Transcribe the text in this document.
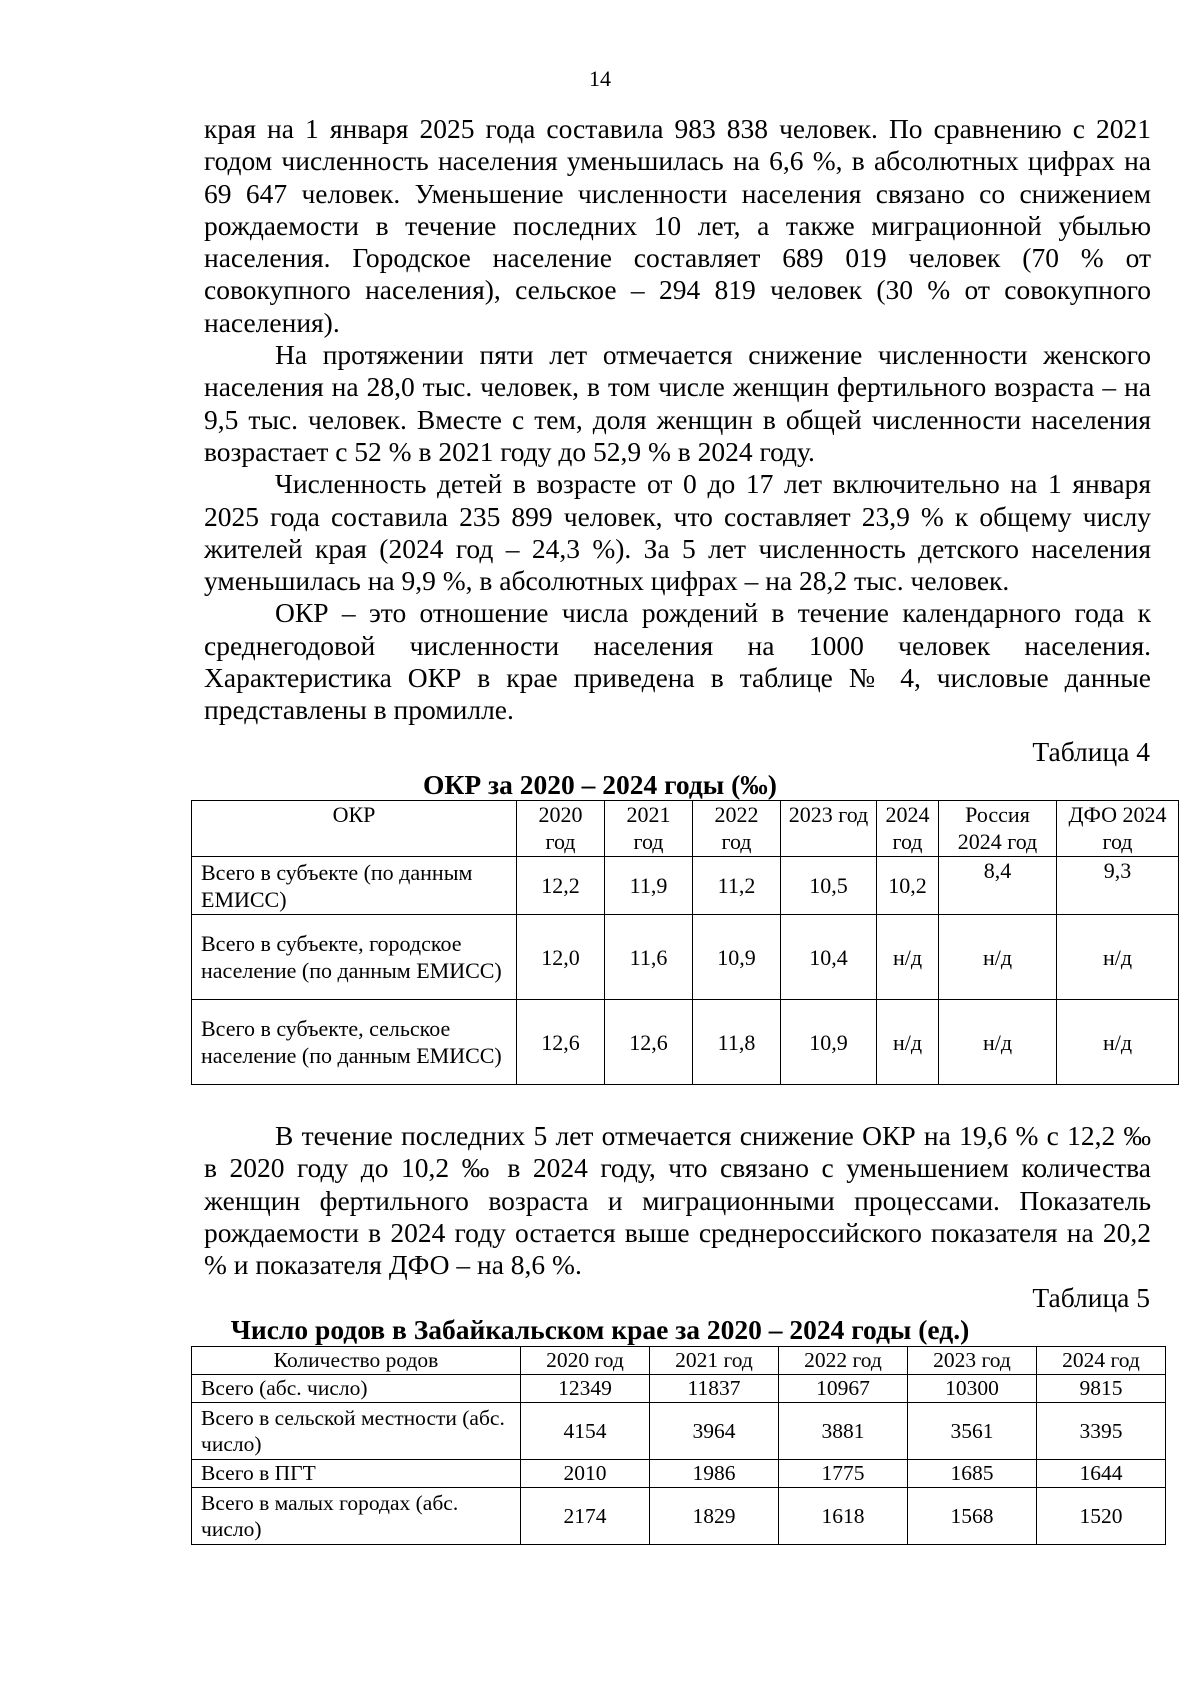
14

края на 1 января 2025 года составила 983 838 человек. По сравнению с 2021 годом численность населения уменьшилась на 6,6 %, в абсолютных цифрах на 69 647 человек. Уменьшение численности населения связано со снижением рождаемости в течение последних 10 лет, а также миграционной убылью населения. Городское население составляет 689 019 человек (70 % от совокупного населения), сельское – 294 819 человек (30 % от совокупного населения).

На протяжении пяти лет отмечается снижение численности женского населения на 28,0 тыс. человек, в том числе женщин фертильного возраста – на 9,5 тыс. человек. Вместе с тем, доля женщин в общей численности населения возрастает с 52 % в 2021 году до 52,9 % в 2024 году.

Численность детей в возрасте от 0 до 17 лет включительно на 1 января 2025 года составила 235 899 человек, что составляет 23,9 % к общему числу жителей края (2024 год – 24,3 %). За 5 лет численность детского населения уменьшилась на 9,9 %, в абсолютных цифрах – на 28,2 тыс. человек.

ОКР – это отношение числа рождений в течение календарного года к среднегодовой численности населения на 1000 человек населения. Характеристика ОКР в крае приведена в таблице № 4, числовые данные представлены в промилле.

Таблица 4
ОКР за 2020 – 2024 годы (‰)
ОКР	2020 год	2021 год	2022 год	2023 год	2024 год	Россия 2024 год	ДФО 2024 год
Всего в субъекте (по данным ЕМИСС)	12,2	11,9	11,2	10,5	10,2	8,4	9,3
Всего в субъекте, городское население (по данным ЕМИСС)	12,0	11,6	10,9	10,4	н/д	н/д	н/д
Всего в субъекте, сельское население (по данным ЕМИСС)	12,6	12,6	11,8	10,9	н/д	н/д	н/д

В течение последних 5 лет отмечается снижение ОКР на 19,6 % с 12,2 ‰ в 2020 году до 10,2 ‰ в 2024 году, что связано с уменьшением количества женщин фертильного возраста и миграционными процессами. Показатель рождаемости в 2024 году остается выше среднероссийского показателя на 20,2 % и показателя ДФО – на 8,6 %.

Таблица 5
Число родов в Забайкальском крае за 2020 – 2024 годы (ед.)
Количество родов	2020 год	2021 год	2022 год	2023 год	2024 год
Всего (абс. число)	12349	11837	10967	10300	9815
Всего в сельской местности (абс. число)	4154	3964	3881	3561	3395
Всего в ПГТ	2010	1986	1775	1685	1644
Всего в малых городах (абс. число)	2174	1829	1618	1568	1520
